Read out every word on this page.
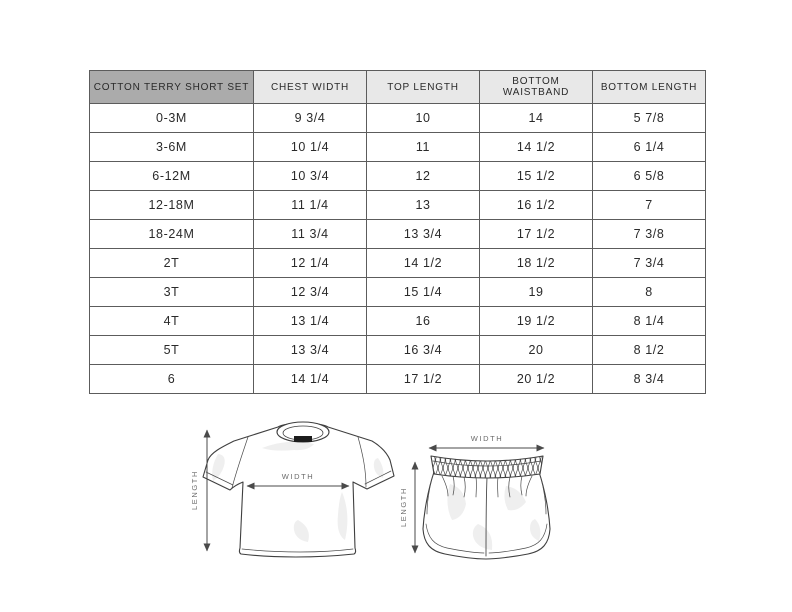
COTTON TERRY SHORT SET	CHEST WIDTH	TOP LENGTH	BOTTOM WAISTBAND	BOTTOM LENGTH
0-3M	9 3/4	10	14	5 7/8
3-6M	10 1/4	11	14 1/2	6 1/4
6-12M	10 3/4	12	15 1/2	6 5/8
12-18M	11 1/4	13	16 1/2	7
18-24M	11 3/4	13 3/4	17 1/2	7 3/8
2T	12 1/4	14 1/2	18 1/2	7 3/4
3T	12 3/4	15 1/4	19	8
4T	13 1/4	16	19 1/2	8 1/4
5T	13 3/4	16 3/4	20	8 1/2
6	14 1/4	17 1/2	20 1/2	8 3/4
WIDTH
LENGTH
WIDTH
LENGTH
